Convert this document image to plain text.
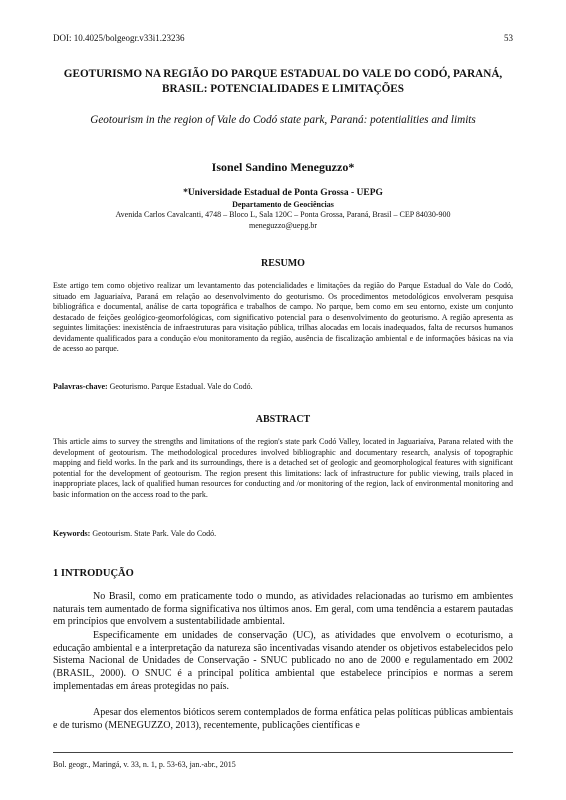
DOI: 10.4025/bolgeogr.v33i1.23236	53
GEOTURISMO NA REGIÃO DO PARQUE ESTADUAL DO VALE DO CODÓ, PARANÁ, BRASIL: POTENCIALIDADES E LIMITAÇÕES
Geotourism in the region of Vale do Codó state park, Paraná: potentialities and limits
Isonel Sandino Meneguzzo*
*Universidade Estadual de Ponta Grossa - UEPG
Departamento de Geociências
Avenida Carlos Cavalcanti, 4748 – Bloco L, Sala 120C – Ponta Grossa, Paraná, Brasil – CEP 84030-900
meneguzzo@uepg.br
RESUMO
Este artigo tem como objetivo realizar um levantamento das potencialidades e limitações da região do Parque Estadual do Vale do Codó, situado em Jaguariaíva, Paraná em relação ao desenvolvimento do geoturismo. Os procedimentos metodológicos envolveram pesquisa bibliográfica e documental, análise de carta topográfica e trabalhos de campo. No parque, bem como em seu entorno, existe um conjunto destacado de feições geológico-geomorfológicas, com significativo potencial para o desenvolvimento do geoturismo. A região apresenta as seguintes limitações: inexistência de infraestruturas para visitação pública, trilhas alocadas em locais inadequados, falta de recursos humanos devidamente qualificados para a condução e/ou monitoramento da região, ausência de fiscalização ambiental e de informações básicas na via de acesso ao parque.
Palavras-chave: Geoturismo. Parque Estadual. Vale do Codó.
ABSTRACT
This article aims to survey the strengths and limitations of the region's state park Codó Valley, located in Jaguariaíva, Parana related with the development of geotourism. The methodological procedures involved bibliographic and documentary research, analysis of topographic mapping and field works. In the park and its surroundings, there is a detached set of geologic and geomorphological features with significant potential for the development of geotourism. The region present this limitations: lack of infrastructure for public viewing, trails placed in inappropriate places, lack of qualified human resources for conducting and /or monitoring of the region, lack of environmental monitoring and basic information on the access road to the park.
Keywords: Geotourism. State Park. Vale do Codó.
1 INTRODUÇÃO
No Brasil, como em praticamente todo o mundo, as atividades relacionadas ao turismo em ambientes naturais tem aumentado de forma significativa nos últimos anos. Em geral, com uma tendência a estarem pautadas em princípios que envolvem a sustentabilidade ambiental.
Especificamente em unidades de conservação (UC), as atividades que envolvem o ecoturismo, a educação ambiental e a interpretação da natureza são incentivadas visando atender os objetivos estabelecidos pelo Sistema Nacional de Unidades de Conservação - SNUC publicado no ano de 2000 e regulamentado em 2002 (BRASIL, 2000). O SNUC é a principal política ambiental que estabelece princípios e normas a serem implementadas em áreas protegidas no país.
Apesar dos elementos bióticos serem contemplados de forma enfática pelas políticas públicas ambientais e de turismo (MENEGUZZO, 2013), recentemente, publicações científicas e
Bol. geogr., Maringá, v. 33, n. 1, p. 53-63, jan.-abr., 2015
